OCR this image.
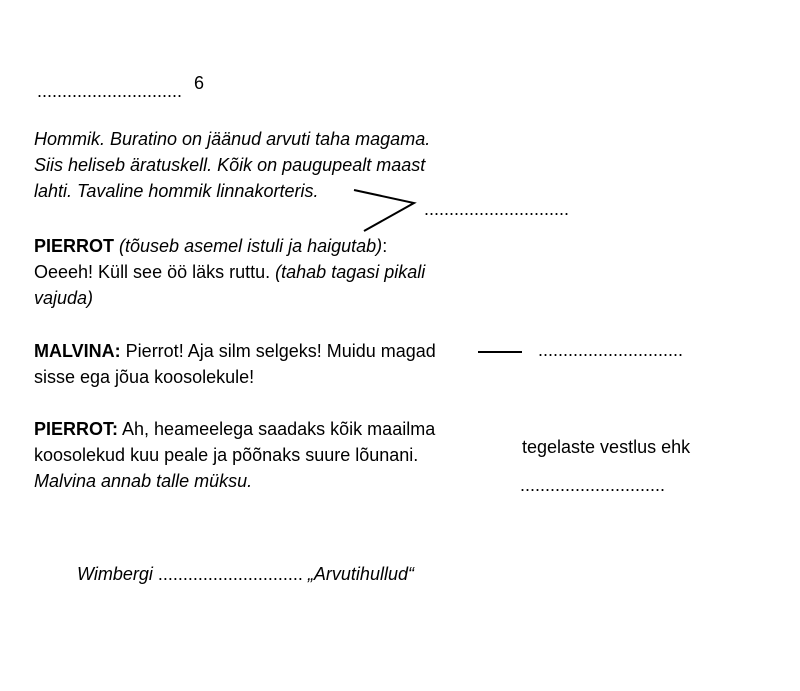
............................. 6
Hommik. Buratino on jäänud arvuti taha magama.
Siis heliseb äratuskell. Kõik on paugupealt maast
lahti. Tavaline hommik linnakorteris.
.............................
PIERROT (tõuseb asemel istuli ja haigutab):
Oeeeh! Küll see öö läks ruttu. (tahab tagasi pikali
vajuda)
MALVINA: Pierrot! Aja silm selgeks! Muidu magad
sisse ega jõua koosolekule!
.............................
PIERROT: Ah, heameelega saadaks kõik maailma
koosolekud kuu peale ja põõnaks suure lõunani.
Malvina annab talle müksu.
tegelaste vestlus ehk
.............................
Wimbergi ............................. „Arvutihullud“
